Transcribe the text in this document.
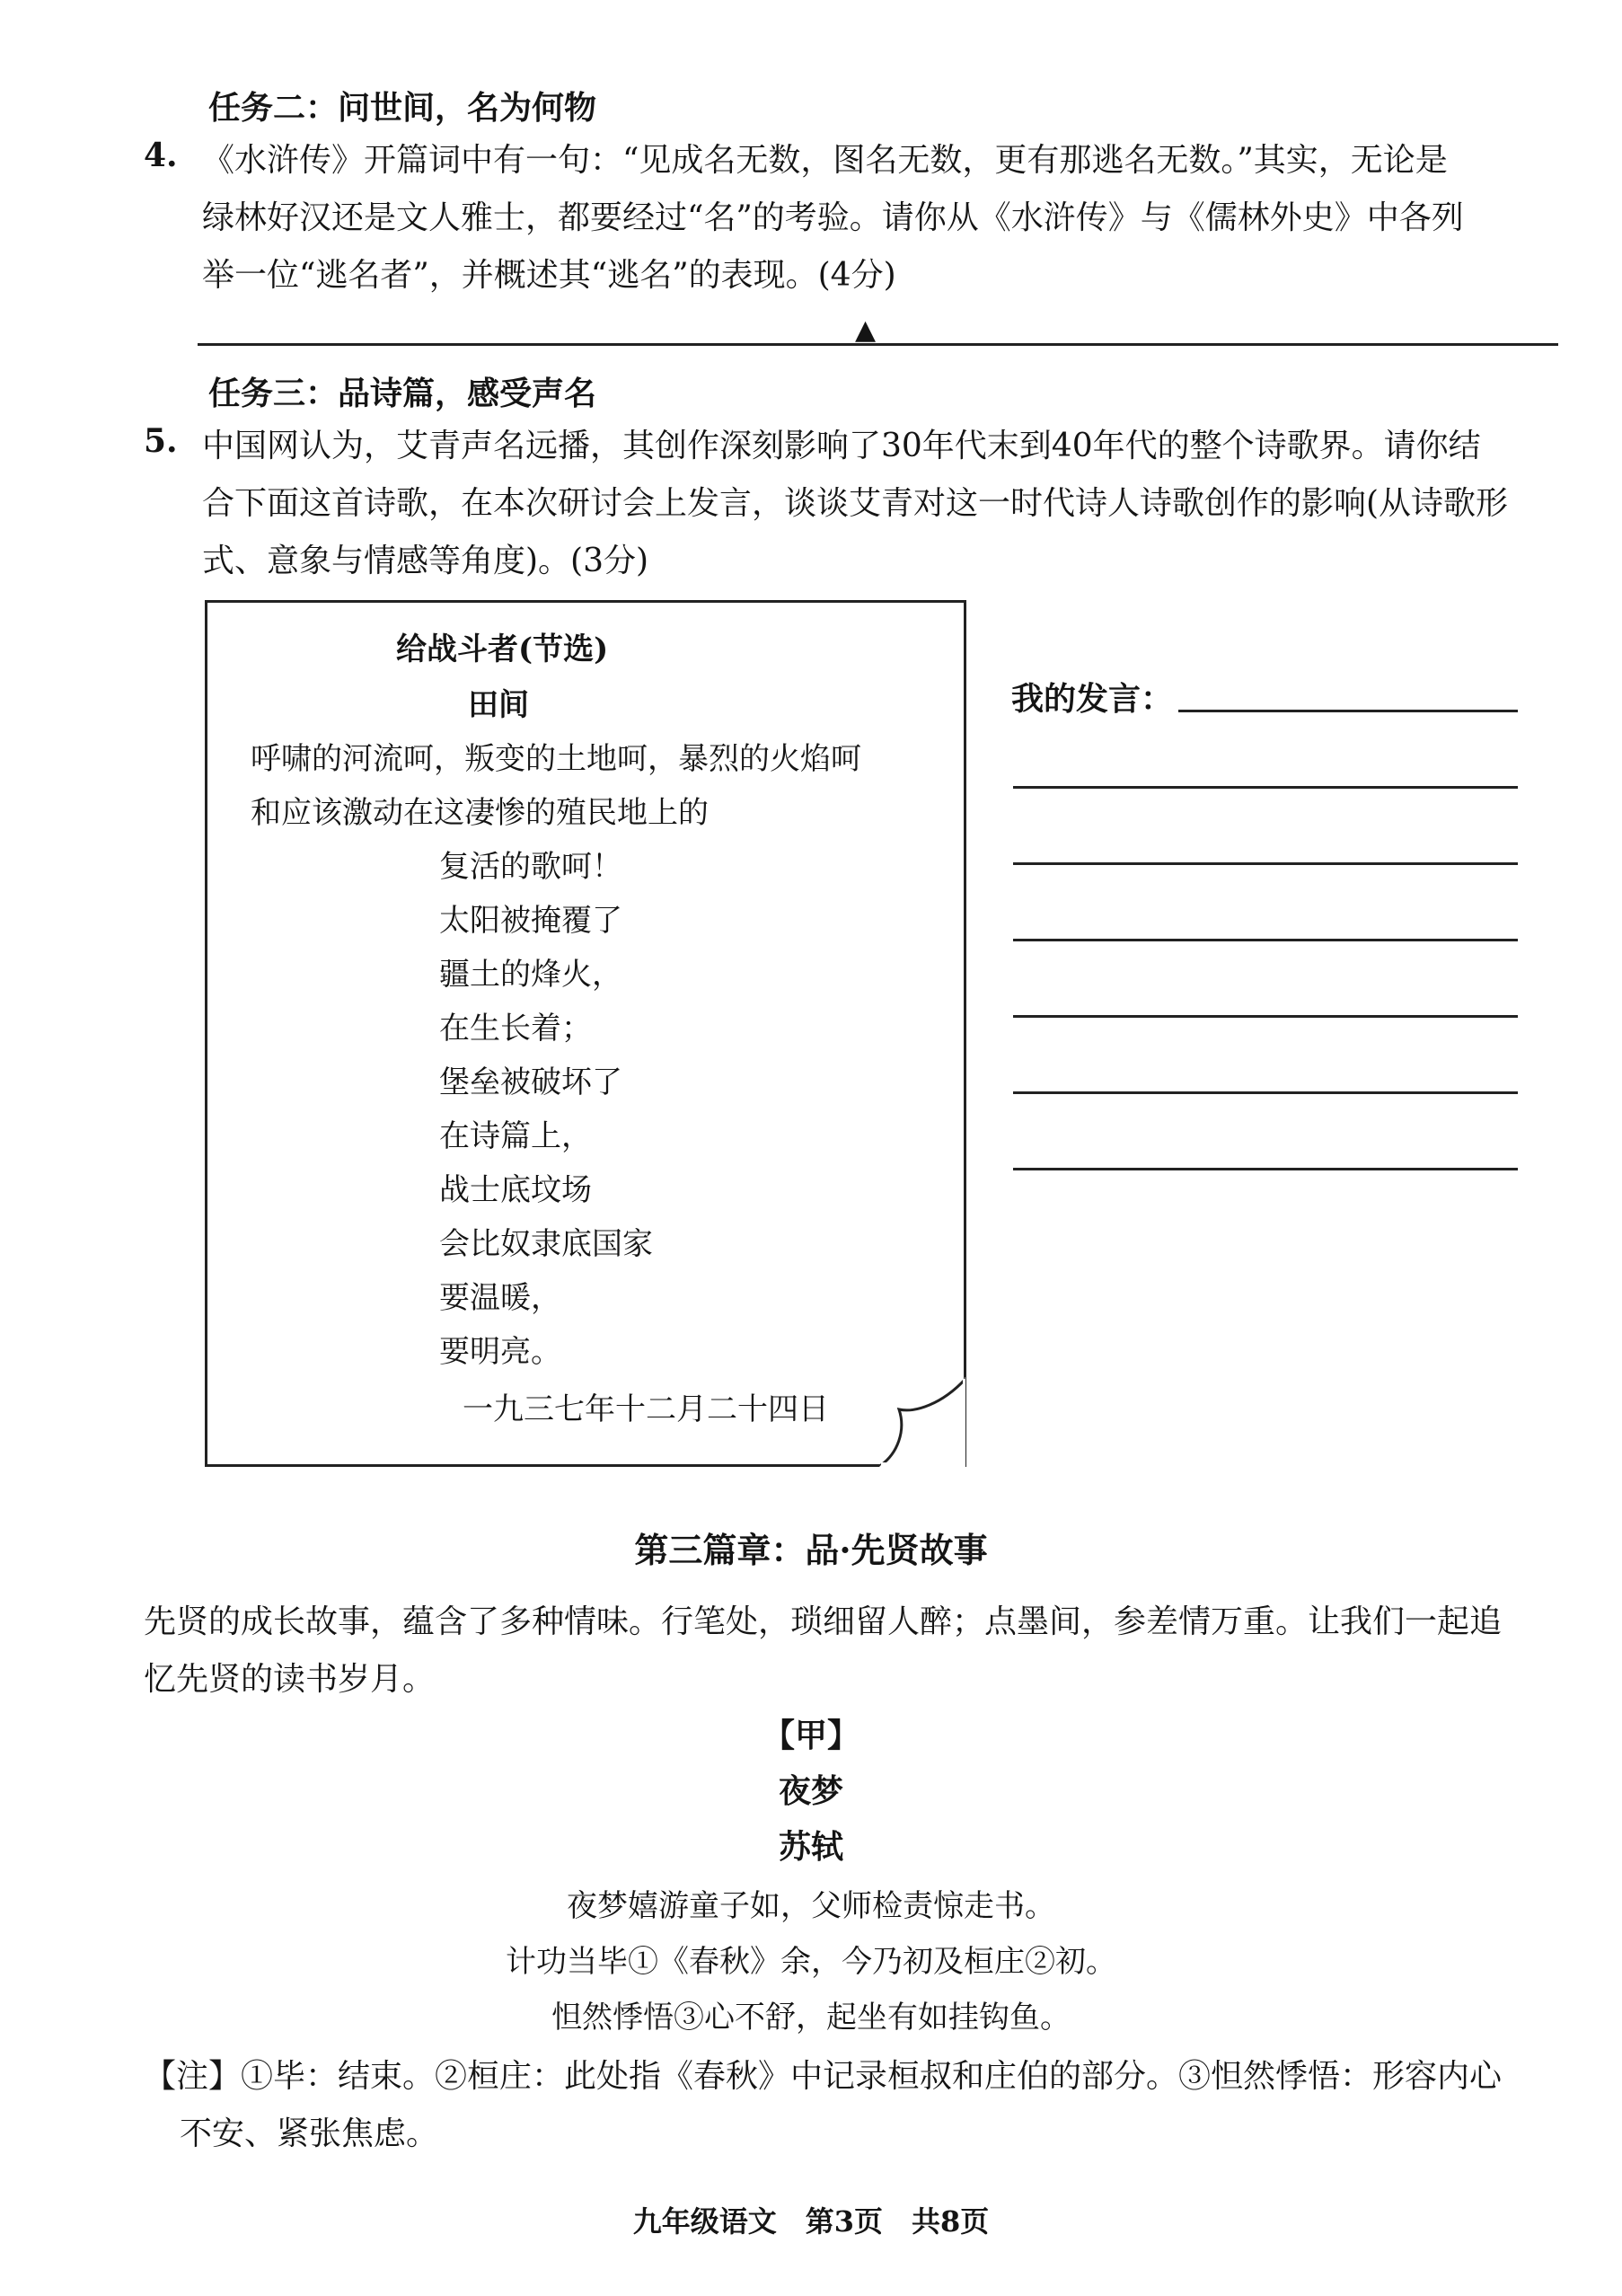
任务二：问世间，名为何物
4. 《水浒传》开篇词中有一句：“见成名无数，图名无数，更有那逃名无数。”其实，无论是
绿林好汉还是文人雅士，都要经过“名”的考验。请你从《水浒传》与《儒林外史》中各列
举一位“逃名者”，并概述其“逃名”的表现。(4分)
▲
任务三：品诗篇，感受声名
5. 中国网认为，艾青声名远播，其创作深刻影响了30年代末到40年代的整个诗歌界。请你结
合下面这首诗歌，在本次研讨会上发言，谈谈艾青对这一时代诗人诗歌创作的影响(从诗歌形
式、意象与情感等角度)。(3分)
给战斗者(节选)
田间
呼啸的河流呵，叛变的土地呵，暴烈的火焰呵
和应该激动在这凄惨的殖民地上的
复活的歌呵！
太阳被掩覆了
疆土的烽火，
在生长着；
堡垒被破坏了
在诗篇上，
战士底坟场
会比奴隶底国家
要温暖，
要明亮。
一九三七年十二月二十四日
我的发言：
第三篇章：品·先贤故事
先贤的成长故事，蕴含了多种情味。行笔处，琐细留人醉；点墨间，参差情万重。让我们一起追
忆先贤的读书岁月。
【甲】
夜梦
苏轼
夜梦嬉游童子如，父师检责惊走书。
计功当毕①《春秋》余，今乃初及桓庄②初。
怛然悸悟③心不舒，起坐有如挂钩鱼。
【注】①毕：结束。②桓庄：此处指《春秋》中记录桓叔和庄伯的部分。③怛然悸悟：形容内心
不安、紧张焦虑。
九年级语文　第3页　共8页
